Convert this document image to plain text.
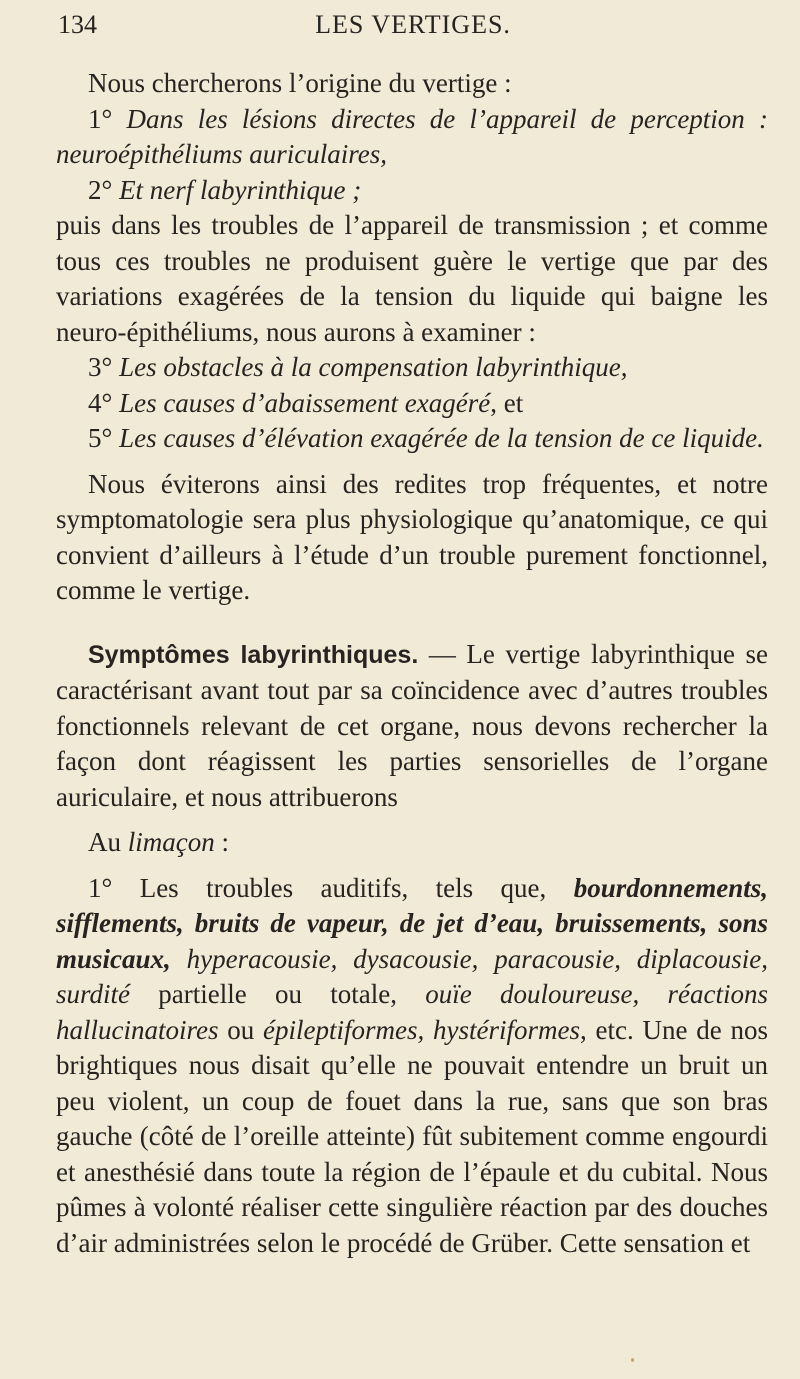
134	LES VERTIGES.

Nous chercherons l’origine du vertige :

1° Dans les lésions directes de l’appareil de perception : neuroépithéliums auriculaires,

2° Et nerf labyrinthique ;

puis dans les troubles de l’appareil de transmission ; et comme tous ces troubles ne produisent guère le vertige que par des variations exagérées de la tension du liquide qui baigne les neuro-épithéliums, nous aurons à examiner :

3° Les obstacles à la compensation labyrinthique,

4° Les causes d’abaissement exagéré, et

5° Les causes d’élévation exagérée de la tension de ce liquide.

Nous éviterons ainsi des redites trop fréquentes, et notre symptomatologie sera plus physiologique qu’anatomique, ce qui convient d’ailleurs à l’étude d’un trouble purement fonctionnel, comme le vertige.

Symptômes labyrinthiques. — Le vertige labyrinthique se caractérisant avant tout par sa coïncidence avec d’autres troubles fonctionnels relevant de cet organe, nous devons rechercher la façon dont réagissent les parties sensorielles de l’organe auriculaire, et nous attribuerons

Au limaçon :

1° Les troubles auditifs, tels que, bourdonnements, sifflements, bruits de vapeur, de jet d’eau, bruissements, sons musicaux, hyperacousie, dysacousie, paracousie, diplacousie, surdité partielle ou totale, ouïe douloureuse, réactions hallucinatoires ou épileptiformes, hystériformes, etc. Une de nos brightiques nous disait qu’elle ne pouvait entendre un bruit un peu violent, un coup de fouet dans la rue, sans que son bras gauche (côté de l’oreille atteinte) fût subitement comme engourdi et anesthésié dans toute la région de l’épaule et du cubital. Nous pûmes à volonté réaliser cette singulière réaction par des douches d’air administrées selon le procédé de Grüber. Cette sensation et
